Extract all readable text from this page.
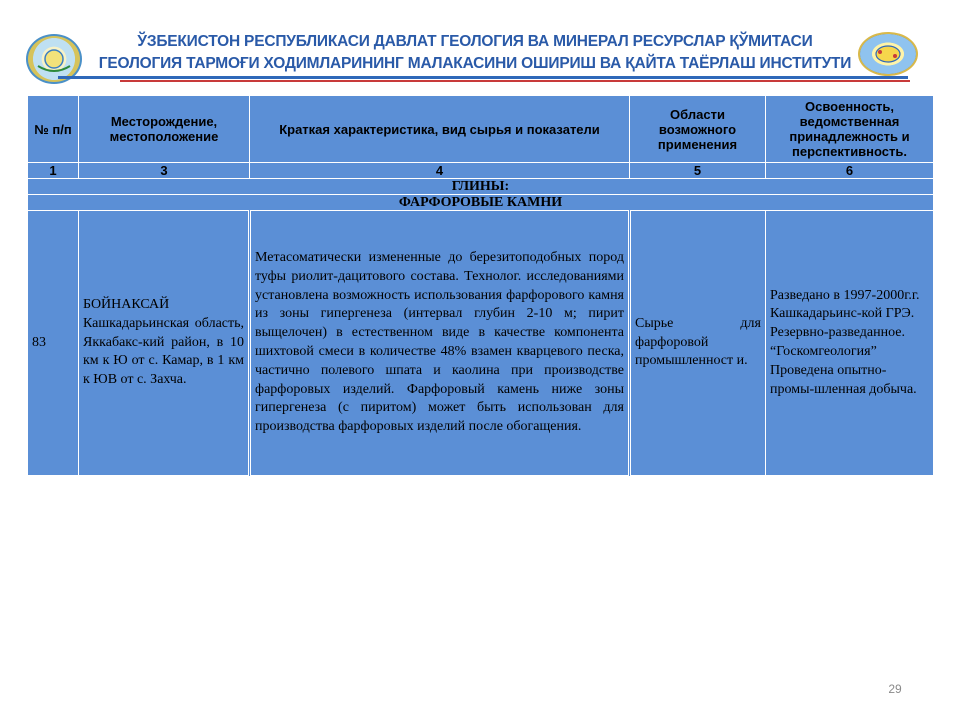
ЎЗБЕКИСТОН РЕСПУБЛИКАСИ ДАВЛАТ ГЕОЛОГИЯ ВА МИНЕРАЛ РЕСУРСЛАР ҚЎМИТАСИ
ГЕОЛОГИЯ ТАРМОҒИ ХОДИМЛАРИНИНГ МАЛАКАСИНИ ОШИРИШ ВА ҚАЙТА ТАЁРЛАШ ИНСТИТУТИ
№ п/п	Месторождение, местоположение	Краткая характеристика, вид сырья и показатели	Области возможного применения	Освоенность, ведомственная принадлежность и перспективность.
1	3	4	5	6
ГЛИНЫ:				
ФАРФОРОВЫЕ КАМНИ				
83	БОЙНАКСАЙ Кашкадарьинская область, Яккабакс-кий район, в 10 км к Ю от с. Камар, в 1 км к ЮВ от с. Захча.	Метасоматически измененные до березитоподобных пород туфы риолит-дацитового состава. Технолог. исследованиями установлена возможность использования фарфорового камня из зоны гипергенеза (интервал глубин 2-10 м; пирит выщелочен) в естественном виде в качестве компонента шихтовой смеси в количестве 48% взамен кварцевого песка, частично полевого шпата и каолина при производстве фарфоровых изделий. Фарфоровый камень ниже зоны гипергенеза (с пиритом) может быть использован для производства фарфоровых изделий после обогащения.	Сырье для фарфоровой промышленност и.	Разведано в 1997-2000г.г. Кашкадарьинс-кой ГРЭ. Резервно-разведанное. “Госкомгеология” Проведена опытно-промы-шленная добыча.
29
